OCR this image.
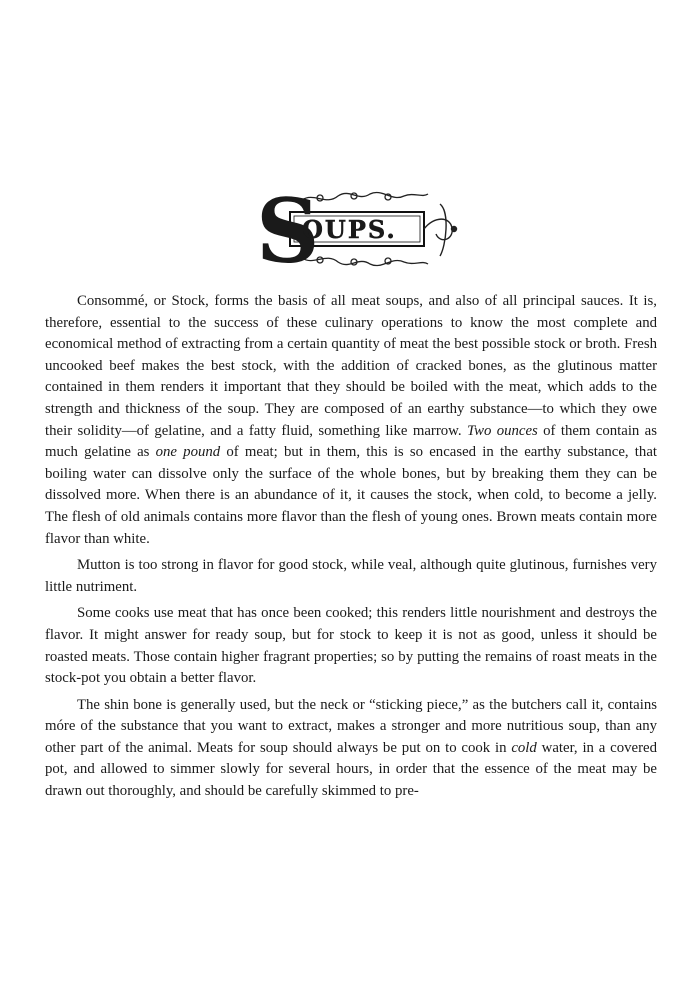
S
OUPS.

Consommé, or Stock, forms the basis of all meat soups, and also of all principal sauces. It is, therefore, essential to the success of these culinary operations to know the most complete and economical method of extracting from a certain quantity of meat the best possible stock or broth. Fresh uncooked beef makes the best stock, with the addition of cracked bones, as the glutinous matter contained in them renders it important that they should be boiled with the meat, which adds to the strength and thickness of the soup. They are composed of an earthy substance—to which they owe their solidity—of gelatine, and a fatty fluid, something like marrow. Two ounces of them contain as much gelatine as one pound of meat; but in them, this is so encased in the earthy substance, that boiling water can dissolve only the surface of the whole bones, but by breaking them they can be dissolved more. When there is an abundance of it, it causes the stock, when cold, to become a jelly. The flesh of old animals contains more flavor than the flesh of young ones. Brown meats contain more flavor than white.

Mutton is too strong in flavor for good stock, while veal, although quite glutinous, furnishes very little nutriment.

Some cooks use meat that has once been cooked; this renders little nourishment and destroys the flavor. It might answer for ready soup, but for stock to keep it is not as good, unless it should be roasted meats. Those contain higher fragrant properties; so by putting the remains of roast meats in the stock-pot you obtain a better flavor.

The shin bone is generally used, but the neck or “sticking piece,” as the butchers call it, contains móre of the substance that you want to extract, makes a stronger and more nutritious soup, than any other part of the animal. Meats for soup should always be put on to cook in cold water, in a covered pot, and allowed to simmer slowly for several hours, in order that the essence of the meat may be drawn out thoroughly, and should be carefully skimmed to pre-
